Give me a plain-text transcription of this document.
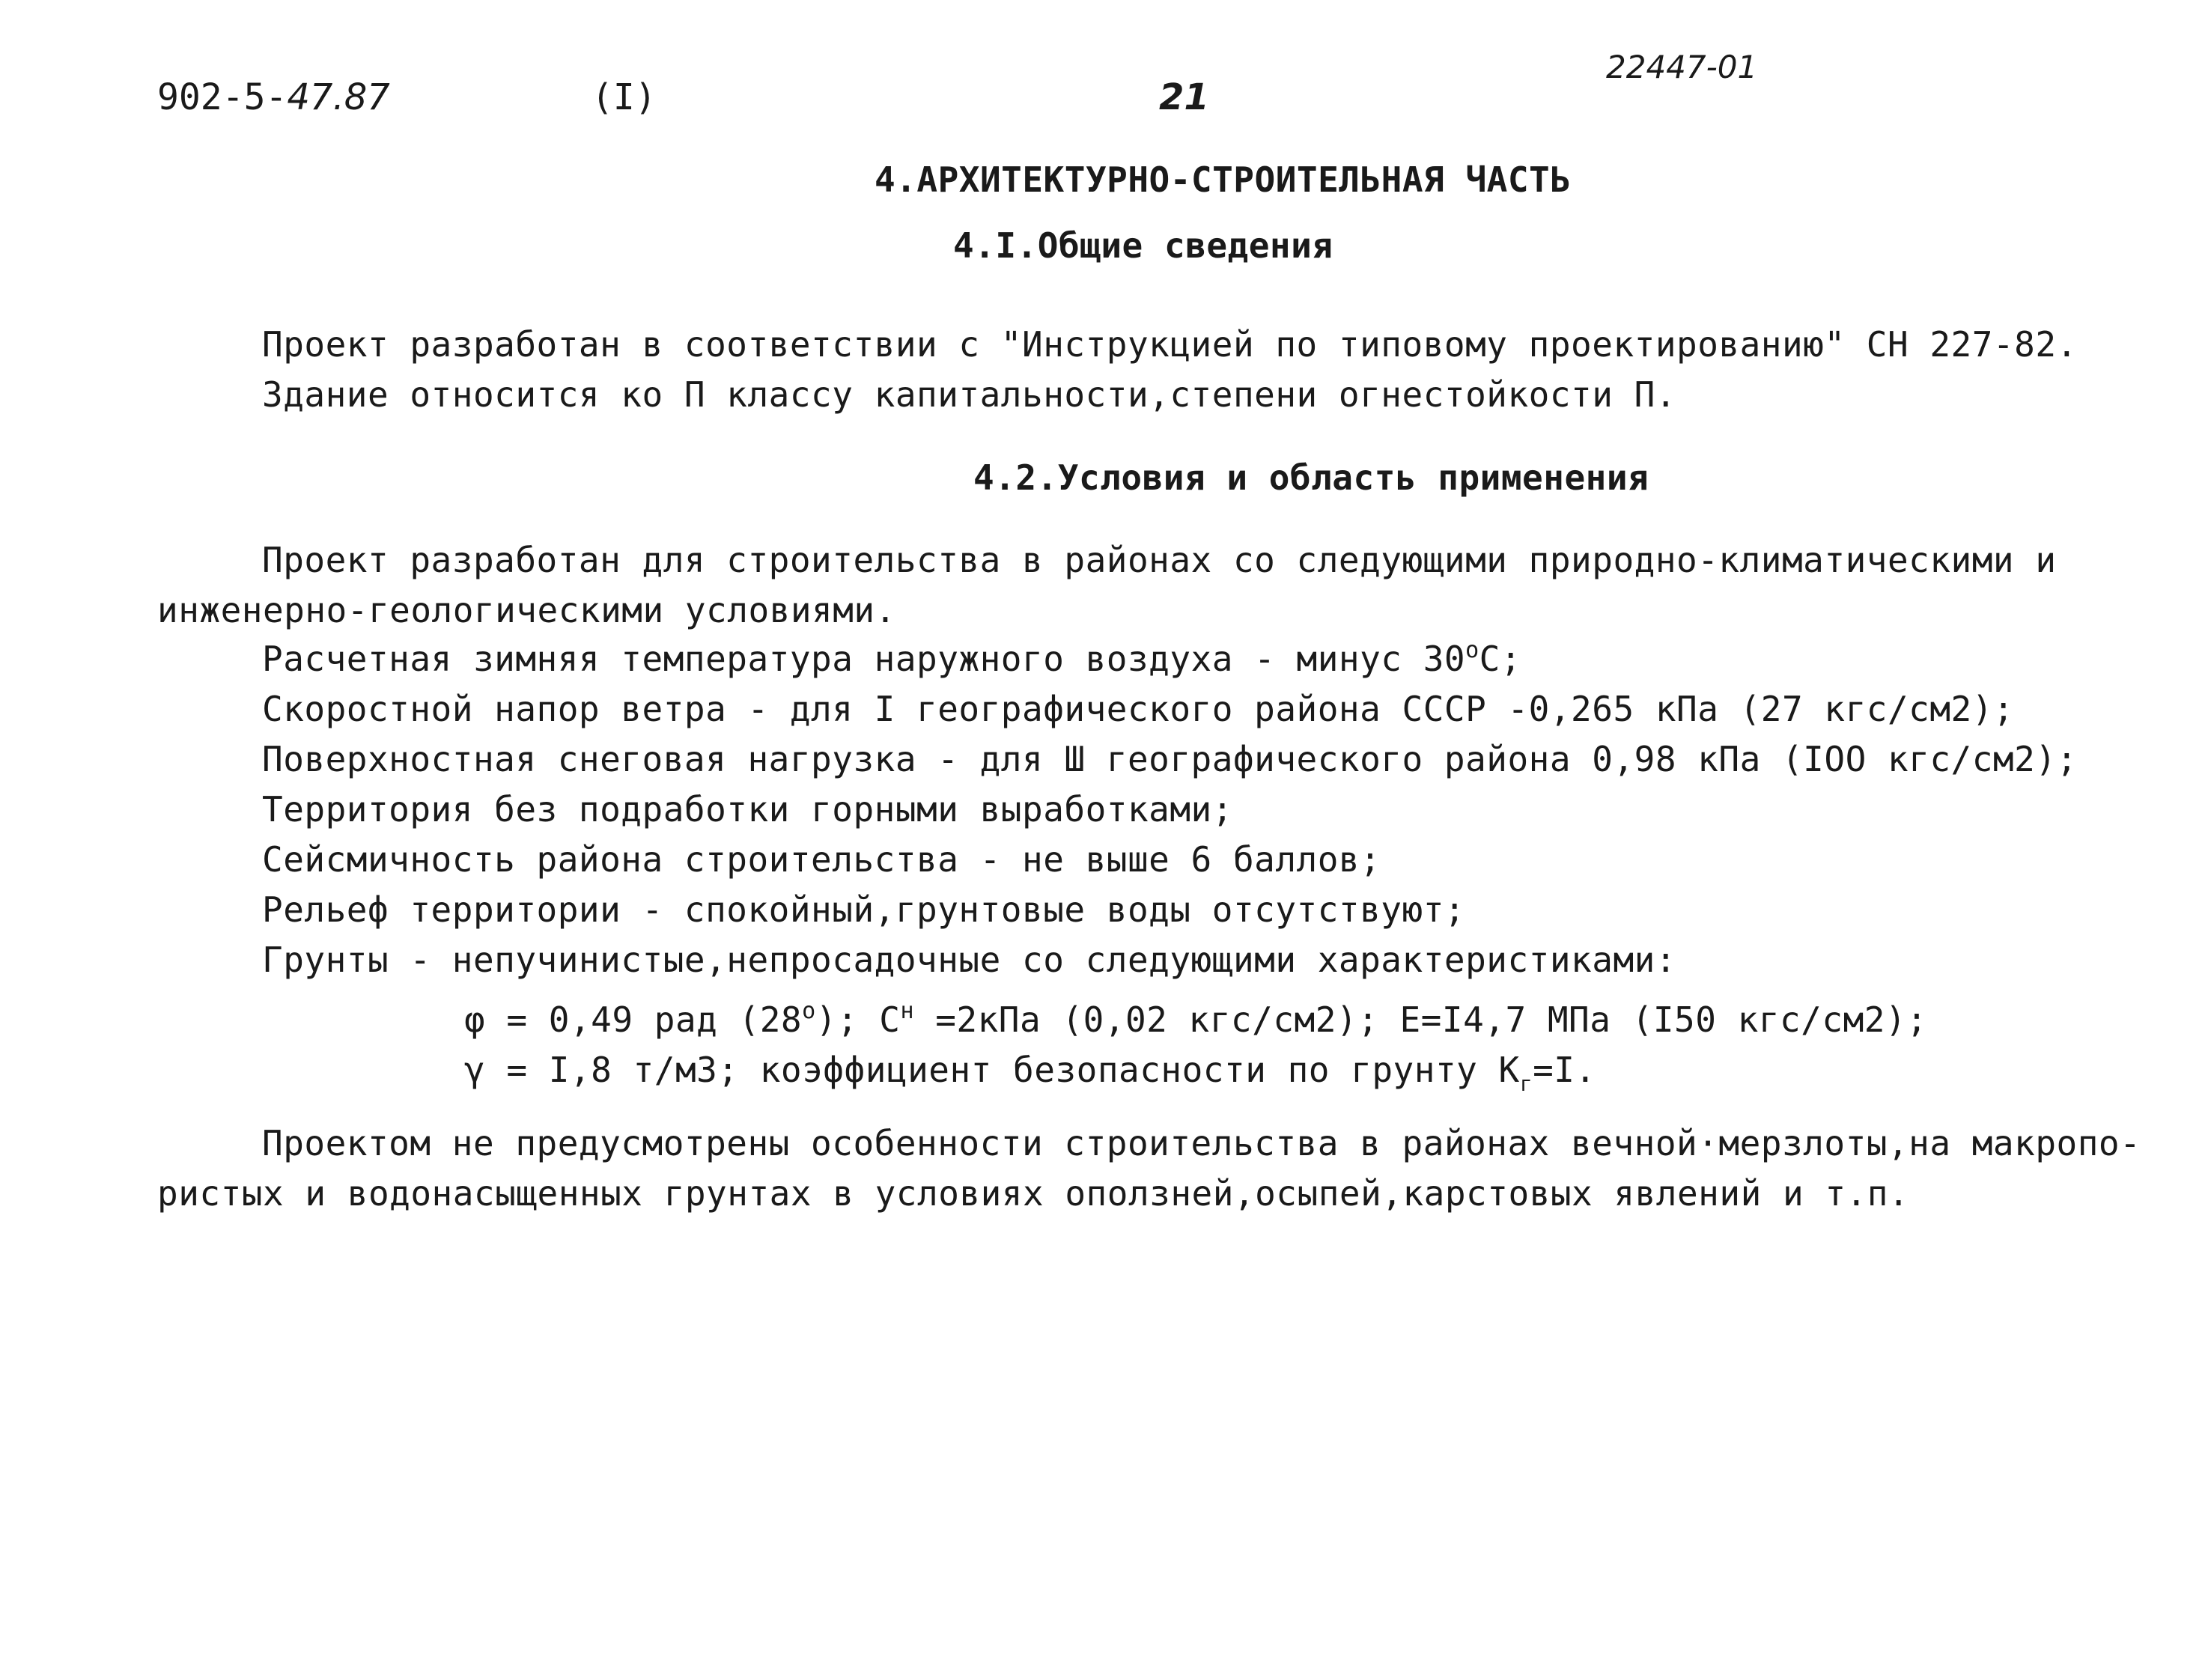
902-5-47.87	(I)	21
22447-01
4.АРХИТЕКТУРНО-СТРОИТЕЛЬНАЯ ЧАСТЬ
4.I.Общие сведения
Проект разработан в соответствии с "Инструкцией по типовому проектированию" СН 227-82.
Здание относится ко П классу капитальности,степени огнестойкости П.
4.2.Условия и область применения
Проект разработан для строительства в районах со следующими природно-климатическими и
инженерно-геологическими условиями.
Расчетная зимняя температура наружного воздуха - минус $30^оС$;
Скоростной напор ветра - для I географического района СССР -0,265 кПа (27 кгс/см2);
Поверхностная снеговая нагрузка - для Ш географического района 0,98 кПа (IОО кгс/см2);
Территория без подработки горными выработками;
Сейсмичность района строительства - не выше 6 баллов;
Рельеф территории - спокойный,грунтовые воды отсутствуют;
Грунты - непучинистые,непросадочные со следующими характеристиками:
φ = 0,49 рад $(28^о)$; $С^н =2кПа$ (0,02 кгс/см2); Е=I4,7 МПа (I50 кгс/см2);
γ = I,8 т/м3; коэффициент безопасности по грунту $К_г=I$.
Проектом не предусмотрены особенности строительства в районах вечной·мерзлоты,на макропо-
ристых и водонасыщенных грунтах в условиях оползней,осыпей,карстовых явлений и т.п.
